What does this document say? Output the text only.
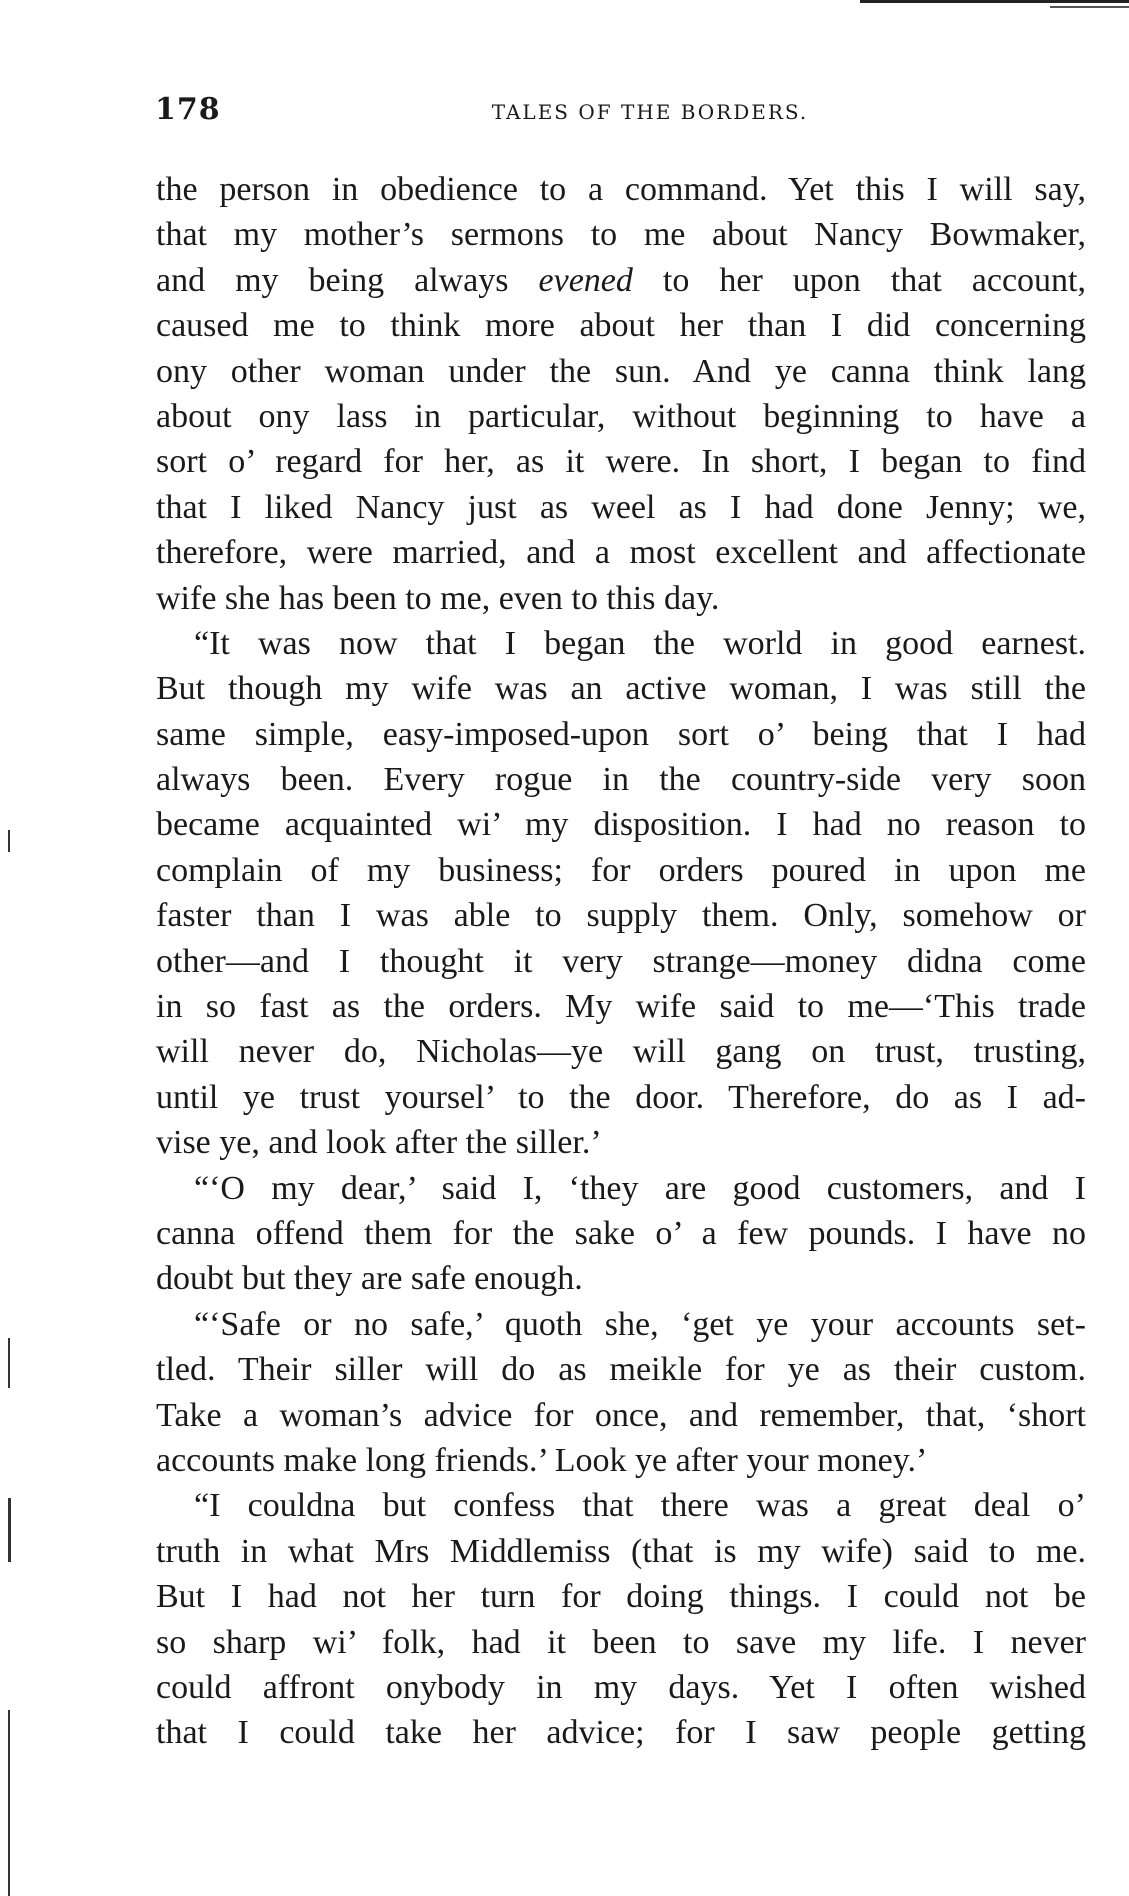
178	TALES OF THE BORDERS.
the person in obedience to a command. Yet this I will say,
that my mother’s sermons to me about Nancy Bowmaker,
and my being always evened to her upon that account,
caused me to think more about her than I did concerning
ony other woman under the sun. And ye canna think lang
about ony lass in particular, without beginning to have a
sort o’ regard for her, as it were. In short, I began to find
that I liked Nancy just as weel as I had done Jenny; we,
therefore, were married, and a most excellent and affectionate
wife she has been to me, even to this day.
“It was now that I began the world in good earnest.
But though my wife was an active woman, I was still the
same simple, easy-imposed-upon sort o’ being that I had
always been. Every rogue in the country-side very soon
became acquainted wi’ my disposition. I had no reason to
complain of my business; for orders poured in upon me
faster than I was able to supply them. Only, somehow or
other—and I thought it very strange—money didna come
in so fast as the orders. My wife said to me—‘This trade
will never do, Nicholas—ye will gang on trust, trusting,
until ye trust yoursel’ to the door. Therefore, do as I ad-
vise ye, and look after the siller.’
“‘O my dear,’ said I, ‘they are good customers, and I
canna offend them for the sake o’ a few pounds. I have no
doubt but they are safe enough.
“‘Safe or no safe,’ quoth she, ‘get ye your accounts set-
tled. Their siller will do as meikle for ye as their custom.
Take a woman’s advice for once, and remember, that, ‘short
accounts make long friends.’ Look ye after your money.’
“I couldna but confess that there was a great deal o’
truth in what Mrs Middlemiss (that is my wife) said to me.
But I had not her turn for doing things. I could not be
so sharp wi’ folk, had it been to save my life. I never
could affront onybody in my days. Yet I often wished
that I could take her advice; for I saw people getting
